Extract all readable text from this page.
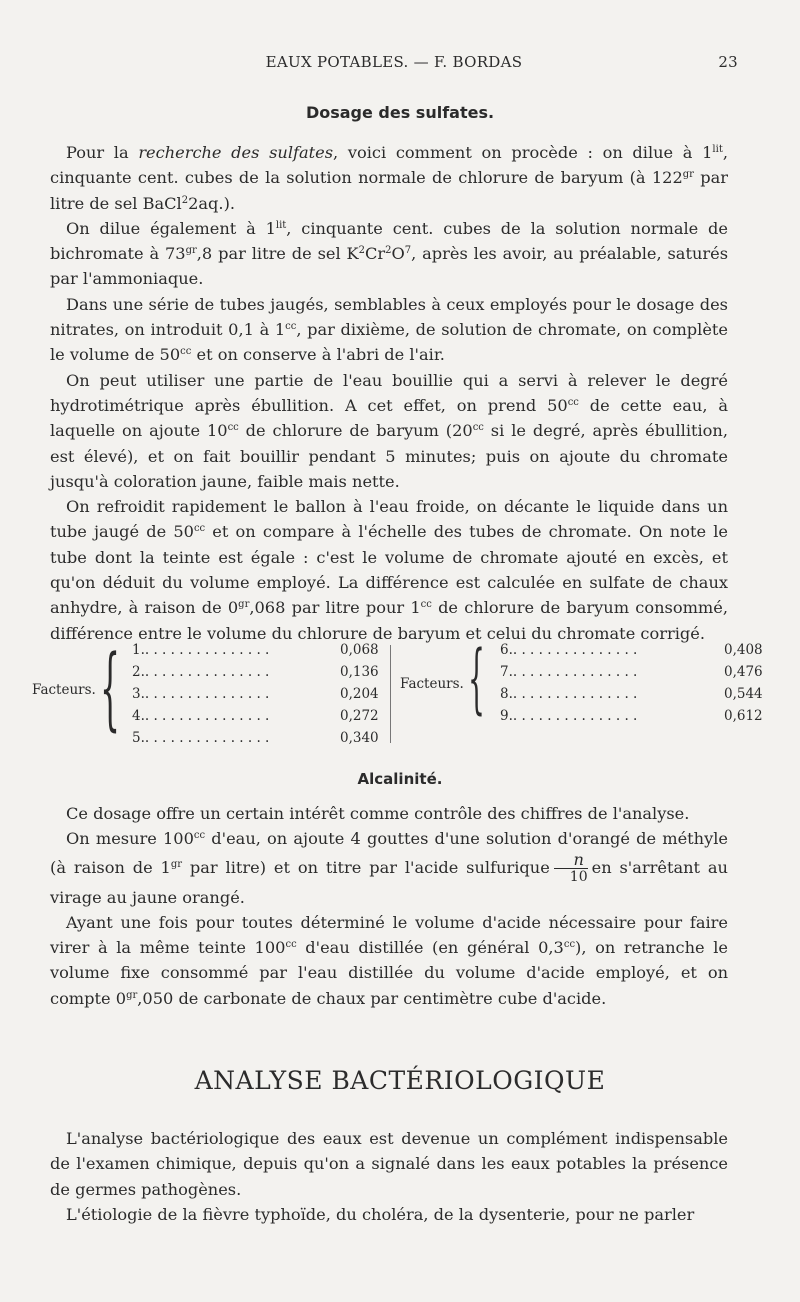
EAUX POTABLES. — F. BORDAS	23
Dosage des sulfates.

Pour la recherche des sulfates, voici comment on procède : on dilue à $1^{lit}$, cinquante cent. cubes de la solution normale de chlorure de baryum (à $122^{gr}$ par litre de sel BaCl$^2$2aq.).

On dilue également à $1^{lit}$, cinquante cent. cubes de la solution normale de bichromate à $73^{gr},8$ par litre de sel $K^2Cr^2O^7$, après les avoir, au préalable, saturés par l'ammoniaque.

Dans une série de tubes jaugés, semblables à ceux employés pour le dosage des nitrates, on introduit 0,1 à $1^{cc}$, par dixième, de solution de chromate, on complète le volume de $50^{cc}$ et on conserve à l'abri de l'air.

On peut utiliser une partie de l'eau bouillie qui a servi à relever le degré hydrotimétrique après ébullition. A cet effet, on prend $50^{cc}$ de cette eau, à laquelle on ajoute $10^{cc}$ de chlorure de baryum ($20^{cc}$ si le degré, après ébullition, est élevé), et on fait bouillir pendant 5 minutes; puis on ajoute du chromate jusqu'à coloration jaune, faible mais nette.

On refroidit rapidement le ballon à l'eau froide, on décante le liquide dans un tube jaugé de $50^{cc}$ et on compare à l'échelle des tubes de chromate. On note le tube dont la teinte est égale : c'est le volume de chromate ajouté en excès, et qu'on déduit du volume employé. La différence est calculée en sulfate de chaux anhydre, à raison de $0^{gr},068$ par litre pour $1^{cc}$ de chlorure de baryum consommé, différence entre le volume du chlorure de baryum et celui du chromate corrigé.

Facteurs. { 1.. . . . . . . . . . . . . . .	0,068
2.. . . . . . . . . . . . . . .	0,136
3.. . . . . . . . . . . . . . .	0,204
4.. . . . . . . . . . . . . . .	0,272
5.. . . . . . . . . . . . . . .	0,340
Facteurs. { 6.. . . . . . . . . . . . . . .	0,408
7.. . . . . . . . . . . . . . .	0,476
8.. . . . . . . . . . . . . . .	0,544
9.. . . . . . . . . . . . . . .	0,612
Alcalinité.

Ce dosage offre un certain intérêt comme contrôle des chiffres de l'analyse.

On mesure $100^{cc}$ d'eau, on ajoute 4 gouttes d'une solution d'orangé de méthyle (à raison de $1^{gr}$ par litre) et on titre par l'acide sulfurique $\frac{n}{10}$ en s'arrêtant au virage au jaune orangé.

Ayant une fois pour toutes déterminé le volume d'acide nécessaire pour faire virer à la même teinte $100^{cc}$ d'eau distillée (en général 0,3$^{cc}$), on retranche le volume fixe consommé par l'eau distillée du volume d'acide employé, et on compte $0^{gr},050$ de carbonate de chaux par centimètre cube d'acide.

ANALYSE BACTÉRIOLOGIQUE

L'analyse bactériologique des eaux est devenue un complément indispensable de l'examen chimique, depuis qu'on a signalé dans les eaux potables la présence de germes pathogènes.

L'étiologie de la fièvre typhoïde, du choléra, de la dysenterie, pour ne parler
